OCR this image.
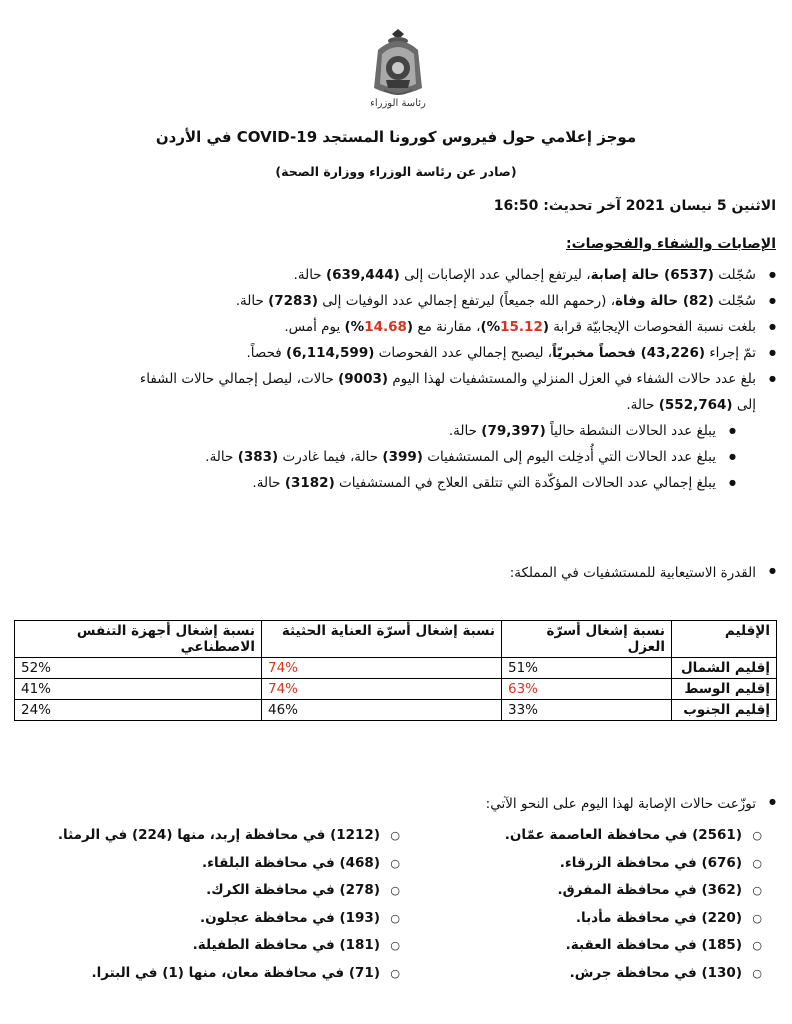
رئاسة الوزراء
موجز إعلامي حول فيروس كورونا المستجد COVID-19 في الأردن
(صادر عن رئاسة الوزراء ووزارة الصحة)
الاثنين 5 نيسان 2021 آخر تحديث: 16:50
الإصابات والشفاء والفحوصات:
● سُجّلت (6537) حالة إصابة، ليرتفع إجمالي عدد الإصابات إلى (639,444) حالة.
● سُجّلت (82) حالة وفاة، (رحمهم الله جميعاً) ليرتفع إجمالي عدد الوفيات إلى (7283) حالة.
● بلغت نسبة الفحوصات الإيجابيّة قرابة (15.12%)، مقارنة مع (14.68%) يوم أمس.
● تمّ إجراء (43,226) فحصاً مخبريّاً، ليصبح إجمالي عدد الفحوصات (6,114,599) فحصاً.
● بلغ عدد حالات الشفاء في العزل المنزلي والمستشفيات لهذا اليوم (9003) حالات، ليصل إجمالي حالات الشفاء
إلى (552,764) حالة.
● يبلغ عدد الحالات النشطة حالياً (79,397) حالة.
● يبلغ عدد الحالات التي أُدخِلت اليوم إلى المستشفيات (399) حالة، فيما غادرت (383) حالة.
● يبلغ إجمالي عدد الحالات المؤكّدة التي تتلقى العلاج في المستشفيات (3182) حالة.
● القدرة الاستيعابية للمستشفيات في المملكة:
الإقليم	نسبة إشغال أسرّة العزل	نسبة إشغال أسرّة العناية الحثيثة	نسبة إشغال أجهزة التنفس الاصطناعي
إقليم الشمال	51%	74%	52%
إقليم الوسط	63%	74%	41%
إقليم الجنوب	33%	46%	24%
● توزّعت حالات الإصابة لهذا اليوم على النحو الآتي:
○ (2561) في محافظة العاصمة عمّان.
○ (676) في محافظة الزرقاء.
○ (362) في محافظة المفرق.
○ (220) في محافظة مأدبا.
○ (185) في محافظة العقبة.
○ (130) في محافظة جرش.
○ (1212) في محافظة إربد، منها (224) في الرمثا.
○ (468) في محافظة البلقاء.
○ (278) في محافظة الكرك.
○ (193) في محافظة عجلون.
○ (181) في محافظة الطفيلة.
○ (71) في محافظة معان، منها (1) في البترا.
